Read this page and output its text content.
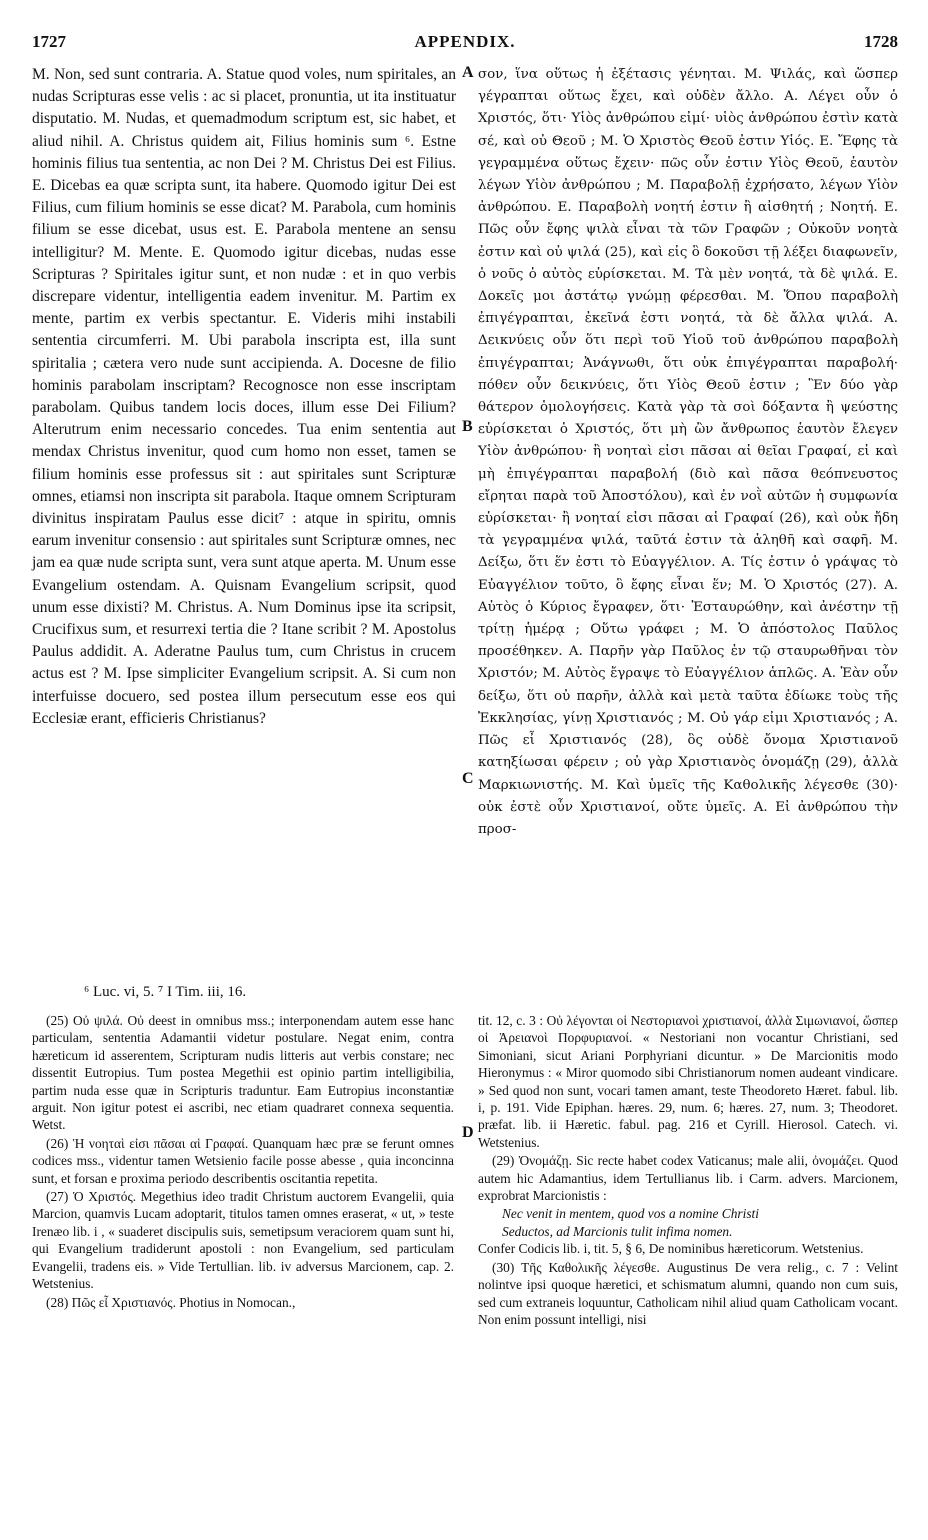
1727	APPENDIX.	1728

M. Non, sed sunt contraria. A. Statue quod voles, num spiritales, an nudas Scripturas esse velis : ac si placet, pronuntia, ut ita instituatur disputatio. M. Nudas, et quemadmodum scriptum est, sic habet, et aliud nihil. A. Christus quidem ait, Filius hominis sum ⁶. Estne hominis filius tua sententia, ac non Dei ? M. Christus Dei est Filius. E. Dicebas ea quæ scripta sunt, ita habere. Quomodo igitur Dei est Filius, cum filium hominis se esse dicat? M. Parabola, cum hominis filium se esse dicebat, usus est. E. Parabola mentene an sensu intelligitur? M. Mente. E. Quomodo igitur dicebas, nudas esse Scripturas ? Spiritales igitur sunt, et non nudæ : et in quo verbis discrepare videntur, intelligentia eadem invenitur. M. Partim ex mente, partim ex verbis spectantur. E. Videris mihi instabili sententia circumferri. M. Ubi parabola inscripta est, illa sunt spiritalia ; cætera vero nude sunt accipienda. A. Docesne de filio hominis parabolam inscriptam? Recognosce non esse inscriptam parabolam. Quibus tandem locis doces, illum esse Dei Filium? Alterutrum enim necessario concedes. Tua enim sententia aut mendax Christus invenitur, quod cum homo non esset, tamen se filium hominis esse professus sit : aut spiritales sunt Scripturæ omnes, etiamsi non inscripta sit parabola. Itaque omnem Scripturam divinitus inspiratam Paulus esse dicit⁷ : atque in spiritu, omnis earum invenitur consensio : aut spiritales sunt Scripturæ omnes, nec jam ea quæ nude scripta sunt, vera sunt atque aperta. M. Unum esse Evangelium ostendam. A. Quisnam Evangelium scripsit, quod unum esse dixisti? M. Christus. A. Num Dominus ipse ita scripsit, Crucifixus sum, et resurrexi tertia die ? Itane scribit ? M. Apostolus Paulus addidit. A. Aderatne Paulus tum, cum Christus in crucem actus est ? M. Ipse simpliciter Evangelium scripsit. A. Si cum non interfuisse docuero, sed postea illum persecutum esse eos qui Ecclesiæ erant, efficieris Christianus?

A
B
C
D

σον, ἵνα οὕτως ἡ ἐξέτασις γένηται. Μ. Ψιλάς, καὶ ὥσπερ γέγραπται οὕτως ἔχει, καὶ οὐδὲν ἄλλο. Α. Λέγει οὖν ὁ Χριστός, ὅτι· Υἱὸς ἀνθρώπου εἰμί· υἱὸς ἀνθρώπου ἐστὶν κατὰ σέ, καὶ οὐ Θεοῦ ; Μ. Ὁ Χριστὸς Θεοῦ ἐστιν Υἱός. Ε. Ἔφης τὰ γεγραμμένα οὕτως ἔχειν· πῶς οὖν ἐστιν Υἱὸς Θεοῦ, ἑαυτὸν λέγων Υἱὸν ἀνθρώπου ; Μ. Παραβολῇ ἐχρήσατο, λέγων Υἱὸν ἀνθρώπου. Ε. Παραβολὴ νοητή ἐστιν ἢ αἰσθητή ; Νοητή. Ε. Πῶς οὖν ἔφης ψιλὰ εἶναι τὰ τῶν Γραφῶν ; Οὐκοῦν νοητὰ ἐστιν καὶ οὐ ψιλά (25), καὶ εἰς ὃ δοκοῦσι τῇ λέξει διαφωνεῖν, ὁ νοῦς ὁ αὐτὸς εὑρίσκεται. Μ. Τὰ μὲν νοητά, τὰ δὲ ψιλά. Ε. Δοκεῖς μοι ἀστάτῳ γνώμῃ φέρεσθαι. Μ. Ὅπου παραβολὴ ἐπιγέγραπται, ἐκεῖνά ἐστι νοητά, τὰ δὲ ἄλλα ψιλά. Α. Δεικνύεις οὖν ὅτι περὶ τοῦ Υἱοῦ τοῦ ἀνθρώπου παραβολὴ ἐπιγέγραπται; Ἀνάγνωθι, ὅτι οὐκ ἐπιγέγραπται παραβολή· πόθεν οὖν δεικνύεις, ὅτι Υἱὸς Θεοῦ ἐστιν ; Ἓν δύο γὰρ θάτερον ὁμολογήσεις. Κατὰ γὰρ τὰ σοὶ δόξαντα ἢ ψεύστης εὑρίσκεται ὁ Χριστός, ὅτι μὴ ὢν ἄνθρωπος ἑαυτὸν ἔλεγεν Υἱὸν ἀνθρώπου· ἢ νοηταὶ εἰσι πᾶσαι αἱ θεῖαι Γραφαί, εἰ καὶ μὴ ἐπιγέγραπται παραβολή (διὸ καὶ πᾶσα θεόπνευστος εἴρηται παρὰ τοῦ Ἀποστόλου), καὶ ἐν νοῒ αὐτῶν ἡ συμφωνία εὑρίσκεται· ἢ νοηταί εἰσι πᾶσαι αἱ Γραφαί (26), καὶ οὐκ ἤδη τὰ γεγραμμένα ψιλά, ταῦτά ἐστιν τὰ ἀληθῆ καὶ σαφῆ. Μ. Δείξω, ὅτι ἕν ἐστι τὸ Εὐαγγέλιον. Α. Τίς ἐστιν ὁ γράψας τὸ Εὐαγγέλιον τοῦτο, ὃ ἔφης εἶναι ἕν; Μ. Ὁ Χριστός (27). Α. Αὐτὸς ὁ Κύριος ἔγραφεν, ὅτι· Ἐσταυρώθην, καὶ ἀνέστην τῇ τρίτῃ ἡμέρᾳ ; Οὕτω γράφει ; Μ. Ὁ ἀπόστολος Παῦλος προσέθηκεν. Α. Παρῆν γὰρ Παῦλος ἐν τῷ σταυρωθῆναι τὸν Χριστόν; Μ. Αὐτὸς ἔγραψε τὸ Εὐαγγέλιον ἁπλῶς. Α. Ἐὰν οὖν δείξω, ὅτι οὐ παρῆν, ἀλλὰ καὶ μετὰ ταῦτα ἐδίωκε τοὺς τῆς Ἐκκλησίας, γίνῃ Χριστιανός ; Μ. Οὐ γάρ εἰμι Χριστιανός ; Α. Πῶς εἶ Χριστιανός (28), ὃς οὐδὲ ὄνομα Χριστιανοῦ κατηξίωσαι φέρειν ; οὐ γὰρ Χριστιανὸς ὀνομάζῃ (29), ἀλλὰ Μαρκιωνιστής. Μ. Καὶ ὑμεῖς τῆς Καθολικῆς λέγεσθε (30)· οὐκ ἐστὲ οὖν Χριστιανοί, οὔτε ὑμεῖς. Α. Εἰ ἀνθρώπου τὴν προσ-

⁶ Luc. vi, 5. ⁷ I Tim. iii, 16.

(25) Οὐ ψιλά. Οὐ deest in omnibus mss.; interponendam autem esse hanc particulam, sententia Adamantii videtur postulare. Negat enim, contra hæreticum id asserentem, Scripturam nudis litteris aut verbis constare; nec dissentit Eutropius. Tum postea Megethii est opinio partim intelligibilia, partim nuda esse quæ in Scripturis traduntur. Eam Eutropius inconstantiæ arguit. Non igitur potest ei ascribi, nec etiam quadraret connexa sequentia. Wetst.

(26) Ἡ νοηταὶ εἰσι πᾶσαι αἱ Γραφαί. Quanquam hæc præ se ferunt omnes codices mss., videntur tamen Wetsienio facile posse abesse , quia inconcinna sunt, et forsan e proxima periodo describentis oscitantia repetita.

(27) Ὁ Χριστός. Megethius ideo tradit Christum auctorem Evangelii, quia Marcion, quamvis Lucam adoptarit, titulos tamen omnes eraserat, « ut, » teste Irenæo lib. i , « suaderet discipulis suis, semetipsum veraciorem quam sunt hi, qui Evangelium tradiderunt apostoli : non Evangelium, sed particulam Evangelii, tradens eis. » Vide Tertullian. lib. iv adversus Marcionem, cap. 2. Wetstenius.

(28) Πῶς εἶ Χριστιανός. Photius in Nomocan.,

tit. 12, c. 3 : Οὐ λέγονται οἱ Νεστοριανοὶ χριστιανοί, ἀλλὰ Σιμωνιανοί, ὥσπερ οἱ Ἀρειανοὶ Πορφυριανοί. « Nestoriani non vocantur Christiani, sed Simoniani, sicut Ariani Porphyriani dicuntur. » De Marcionitis modo Hieronymus : « Miror quomodo sibi Christianorum nomen audeant vindicare. » Sed quod non sunt, vocari tamen amant, teste Theodoreto Hæret. fabul. lib. i, p. 191. Vide Epiphan. hæres. 29, num. 6; hæres. 27, num. 3; Theodoret. præfat. lib. ii Hæretic. fabul. pag. 216 et Cyrill. Hierosol. Catech. vi. Wetstenius.

(29) Ὀνομάζῃ. Sic recte habet codex Vaticanus; male alii, ὀνομάζει. Quod autem hic Adamantius, idem Tertullianus lib. i Carm. advers. Marcionem, exprobrat Marcionistis :

Nec venit in mentem, quod vos a nomine Christi

Seductos, ad Marcionis tulit infima nomen.

Confer Codicis lib. i, tit. 5, § 6, De nominibus hæreticorum. Wetstenius.

(30) Τῆς Καθολικῆς λέγεσθε. Augustinus De vera relig., c. 7 : Velint nolintve ipsi quoque hæretici, et schismatum alumni, quando non cum suis, sed cum extraneis loquuntur, Catholicam nihil aliud quam Catholicam vocant. Non enim possunt intelligi, nisi
